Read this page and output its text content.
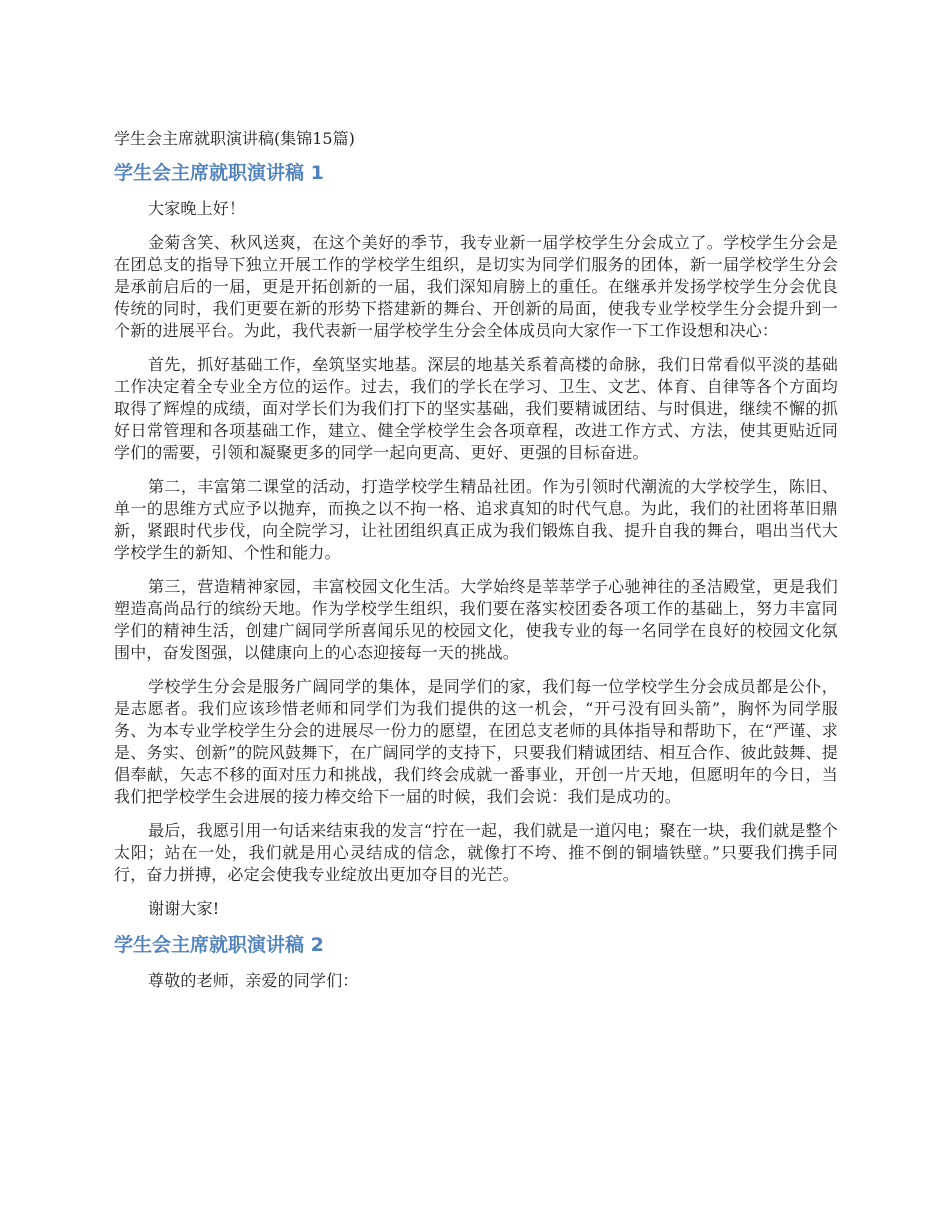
学生会主席就职演讲稿(集锦15篇)
学生会主席就职演讲稿 1

大家晚上好！

金菊含笑、秋风送爽，在这个美好的季节，我专业新一届学校学生分会成立了。学校学生分会是在团总支的指导下独立开展工作的学校学生组织，是切实为同学们服务的团体，新一届学校学生分会是承前启后的一届，更是开拓创新的一届，我们深知肩膀上的重任。在继承并发扬学校学生分会优良传统的同时，我们更要在新的形势下搭建新的舞台、开创新的局面，使我专业学校学生分会提升到一个新的进展平台。为此，我代表新一届学校学生分会全体成员向大家作一下工作设想和决心：

首先，抓好基础工作，垒筑坚实地基。深层的地基关系着高楼的命脉，我们日常看似平淡的基础工作决定着全专业全方位的运作。过去，我们的学长在学习、卫生、文艺、体育、自律等各个方面均取得了辉煌的成绩，面对学长们为我们打下的坚实基础，我们要精诚团结、与时俱进，继续不懈的抓好日常管理和各项基础工作，建立、健全学校学生会各项章程，改进工作方式、方法，使其更贴近同学们的需要，引领和凝聚更多的同学一起向更高、更好、更强的目标奋进。

第二，丰富第二课堂的活动，打造学校学生精品社团。作为引领时代潮流的大学校学生，陈旧、单一的思维方式应予以抛弃，而换之以不拘一格、追求真知的时代气息。为此，我们的社团将革旧鼎新，紧跟时代步伐，向全院学习，让社团组织真正成为我们锻炼自我、提升自我的舞台，唱出当代大学校学生的新知、个性和能力。

第三，营造精神家园，丰富校园文化生活。大学始终是莘莘学子心驰神往的圣洁殿堂，更是我们塑造高尚品行的缤纷天地。作为学校学生组织，我们要在落实校团委各项工作的基础上，努力丰富同学们的精神生活，创建广阔同学所喜闻乐见的校园文化，使我专业的每一名同学在良好的校园文化氛围中，奋发图强，以健康向上的心态迎接每一天的挑战。

学校学生分会是服务广阔同学的集体，是同学们的家，我们每一位学校学生分会成员都是公仆，是志愿者。我们应该珍惜老师和同学们为我们提供的这一机会，“开弓没有回头箭”，胸怀为同学服务、为本专业学校学生分会的进展尽一份力的愿望，在团总支老师的具体指导和帮助下，在“严谨、求是、务实、创新”的院风鼓舞下，在广阔同学的支持下，只要我们精诚团结、相互合作、彼此鼓舞、提倡奉献，矢志不移的面对压力和挑战，我们终会成就一番事业，开创一片天地，但愿明年的今日，当我们把学校学生会进展的接力棒交给下一届的时候，我们会说：我们是成功的。

最后，我愿引用一句话来结束我的发言“拧在一起，我们就是一道闪电；聚在一块，我们就是整个太阳；站在一处，我们就是用心灵结成的信念，就像打不垮、推不倒的铜墙铁壁。”只要我们携手同行，奋力拼搏，必定会使我专业绽放出更加夺目的光芒。

谢谢大家!

学生会主席就职演讲稿 2

尊敬的老师，亲爱的同学们：
